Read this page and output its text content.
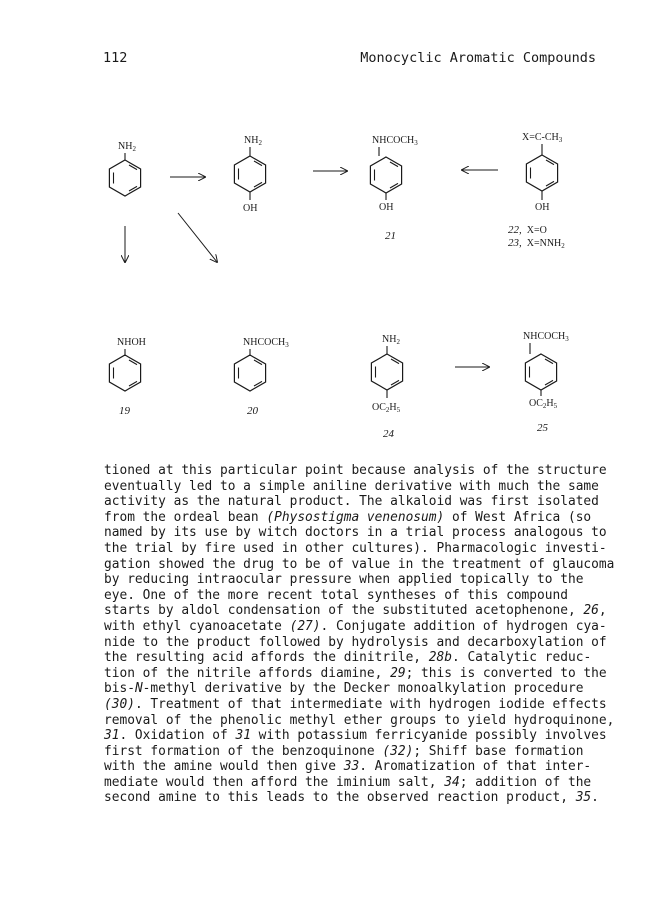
112	Monocyclic Aromatic Compounds
$NH_2$
$NH_2$
OH
$NHCOCH_3$
OH
21
$X=C-CH_3$
OH
22, X=O
23, $X=NNH_2$
NHOH
19
$NHCOCH_3$
20
$NH_2$
$OC_2H_5$
24
$NHCOCH_3$
$OC_2H_5$
25
tioned at this particular point because analysis of the structure
eventually led to a simple aniline derivative with much the same
activity as the natural product. The alkaloid was first isolated
from the ordeal bean (Physostigma venenosum) of West Africa (so
named by its use by witch doctors in a trial process analogous to
the trial by fire used in other cultures). Pharmacologic investi-
gation showed the drug to be of value in the treatment of glaucoma
by reducing intraocular pressure when applied topically to the
eye. One of the more recent total syntheses of this compound
starts by aldol condensation of the substituted acetophenone, 26,
with ethyl cyanoacetate (27). Conjugate addition of hydrogen cya-
nide to the product followed by hydrolysis and decarboxylation of
the resulting acid affords the dinitrile, 28b. Catalytic reduc-
tion of the nitrile affords diamine, 29; this is converted to the
bis-N-methyl derivative by the Decker monoalkylation procedure
(30). Treatment of that intermediate with hydrogen iodide effects
removal of the phenolic methyl ether groups to yield hydroquinone,
31. Oxidation of 31 with potassium ferricyanide possibly involves
first formation of the benzoquinone (32); Shiff base formation
with the amine would then give 33. Aromatization of that inter-
mediate would then afford the iminium salt, 34; addition of the
second amine to this leads to the observed reaction product, 35.
